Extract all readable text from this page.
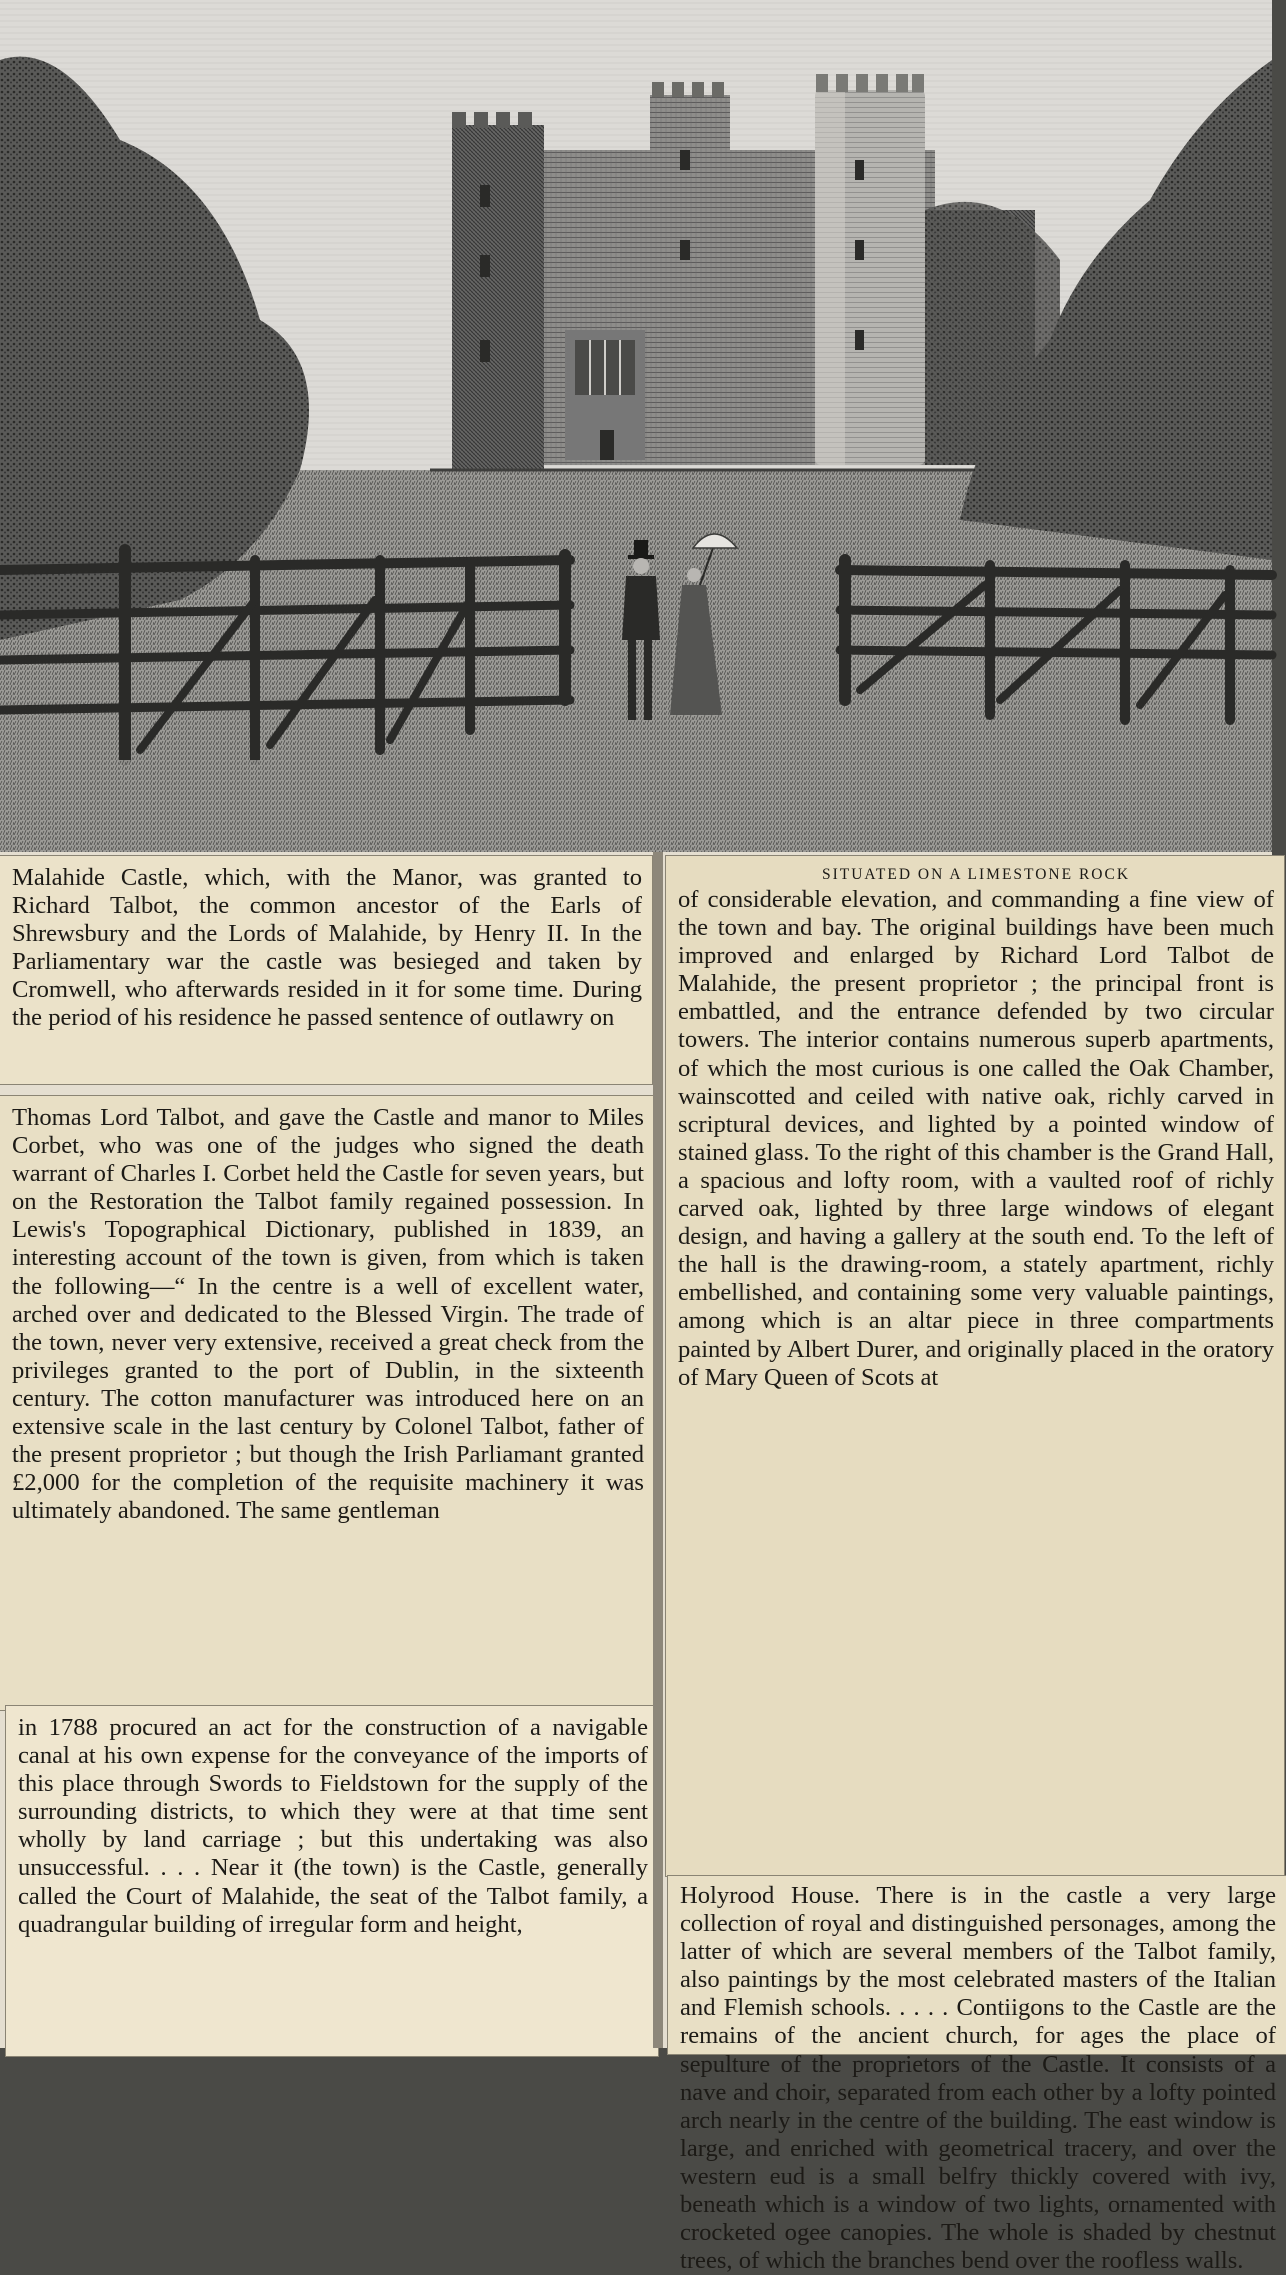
Malahide Castle, which, with the Manor, was granted to Richard Talbot, the common ancestor of the Earls of Shrewsbury and the Lords of Malahide, by Henry II. In the Parliamentary war the castle was besieged and taken by Cromwell, who afterwards resided in it for some time. During the period of his residence he passed sentence of outlawry on

Thomas Lord Talbot, and gave the Castle and manor to Miles Corbet, who was one of the judges who signed the death warrant of Charles I. Corbet held the Castle for seven years, but on the Restoration the Talbot family regained possession. In Lewis's Topographical Dictionary, published in 1839, an interesting account of the town is given, from which is taken the following—“ In the centre is a well of excellent water, arched over and dedicated to the Blessed Virgin. The trade of the town, never very extensive, received a great check from the privileges granted to the port of Dublin, in the sixteenth century. The cotton manufacturer was introduced here on an extensive scale in the last century by Colonel Talbot, father of the present proprietor ; but though the Irish Parliamant granted £2,000 for the completion of the requisite machinery it was ultimately abandoned. The same gentleman

in 1788 procured an act for the construction of a navigable canal at his own expense for the conveyance of the imports of this place through Swords to Fieldstown for the supply of the surrounding districts, to which they were at that time sent wholly by land carriage ; but this undertaking was also unsuccessful. . . . Near it (the town) is the Castle, generally called the Court of Malahide, the seat of the Talbot family, a quadrangular building of irregular form and height,

SITUATED ON A LIMESTONE ROCK

of considerable elevation, and commanding a fine view of the town and bay. The original buildings have been much improved and enlarged by Richard Lord Talbot de Malahide, the present proprietor ; the principal front is embattled, and the entrance defended by two circular towers. The interior contains numerous superb apartments, of which the most curious is one called the Oak Chamber, wainscotted and ceiled with native oak, richly carved in scriptural devices, and lighted by a pointed window of stained glass. To the right of this chamber is the Grand Hall, a spacious and lofty room, with a vaulted roof of richly carved oak, lighted by three large windows of elegant design, and having a gallery at the south end. To the left of the hall is the drawing-room, a stately apartment, richly embellished, and containing some very valuable paintings, among which is an altar piece in three compartments painted by Albert Durer, and originally placed in the oratory of Mary Queen of Scots at

Holyrood House. There is in the castle a very large collection of royal and distinguished personages, among the latter of which are several members of the Talbot family, also paintings by the most celebrated masters of the Italian and Flemish schools. . . . . Contiigons to the Castle are the remains of the ancient church, for ages the place of sepulture of the proprietors of the Castle. It consists of a nave and choir, separated from each other by a lofty pointed arch nearly in the centre of the building. The east window is large, and enriched with geometrical tracery, and over the western eud is a small belfry thickly covered with ivy, beneath which is a window of two lights, ornamented with crocketed ogee canopies. The whole is shaded by chestnut trees, of which the branches bend over the roofless walls.
